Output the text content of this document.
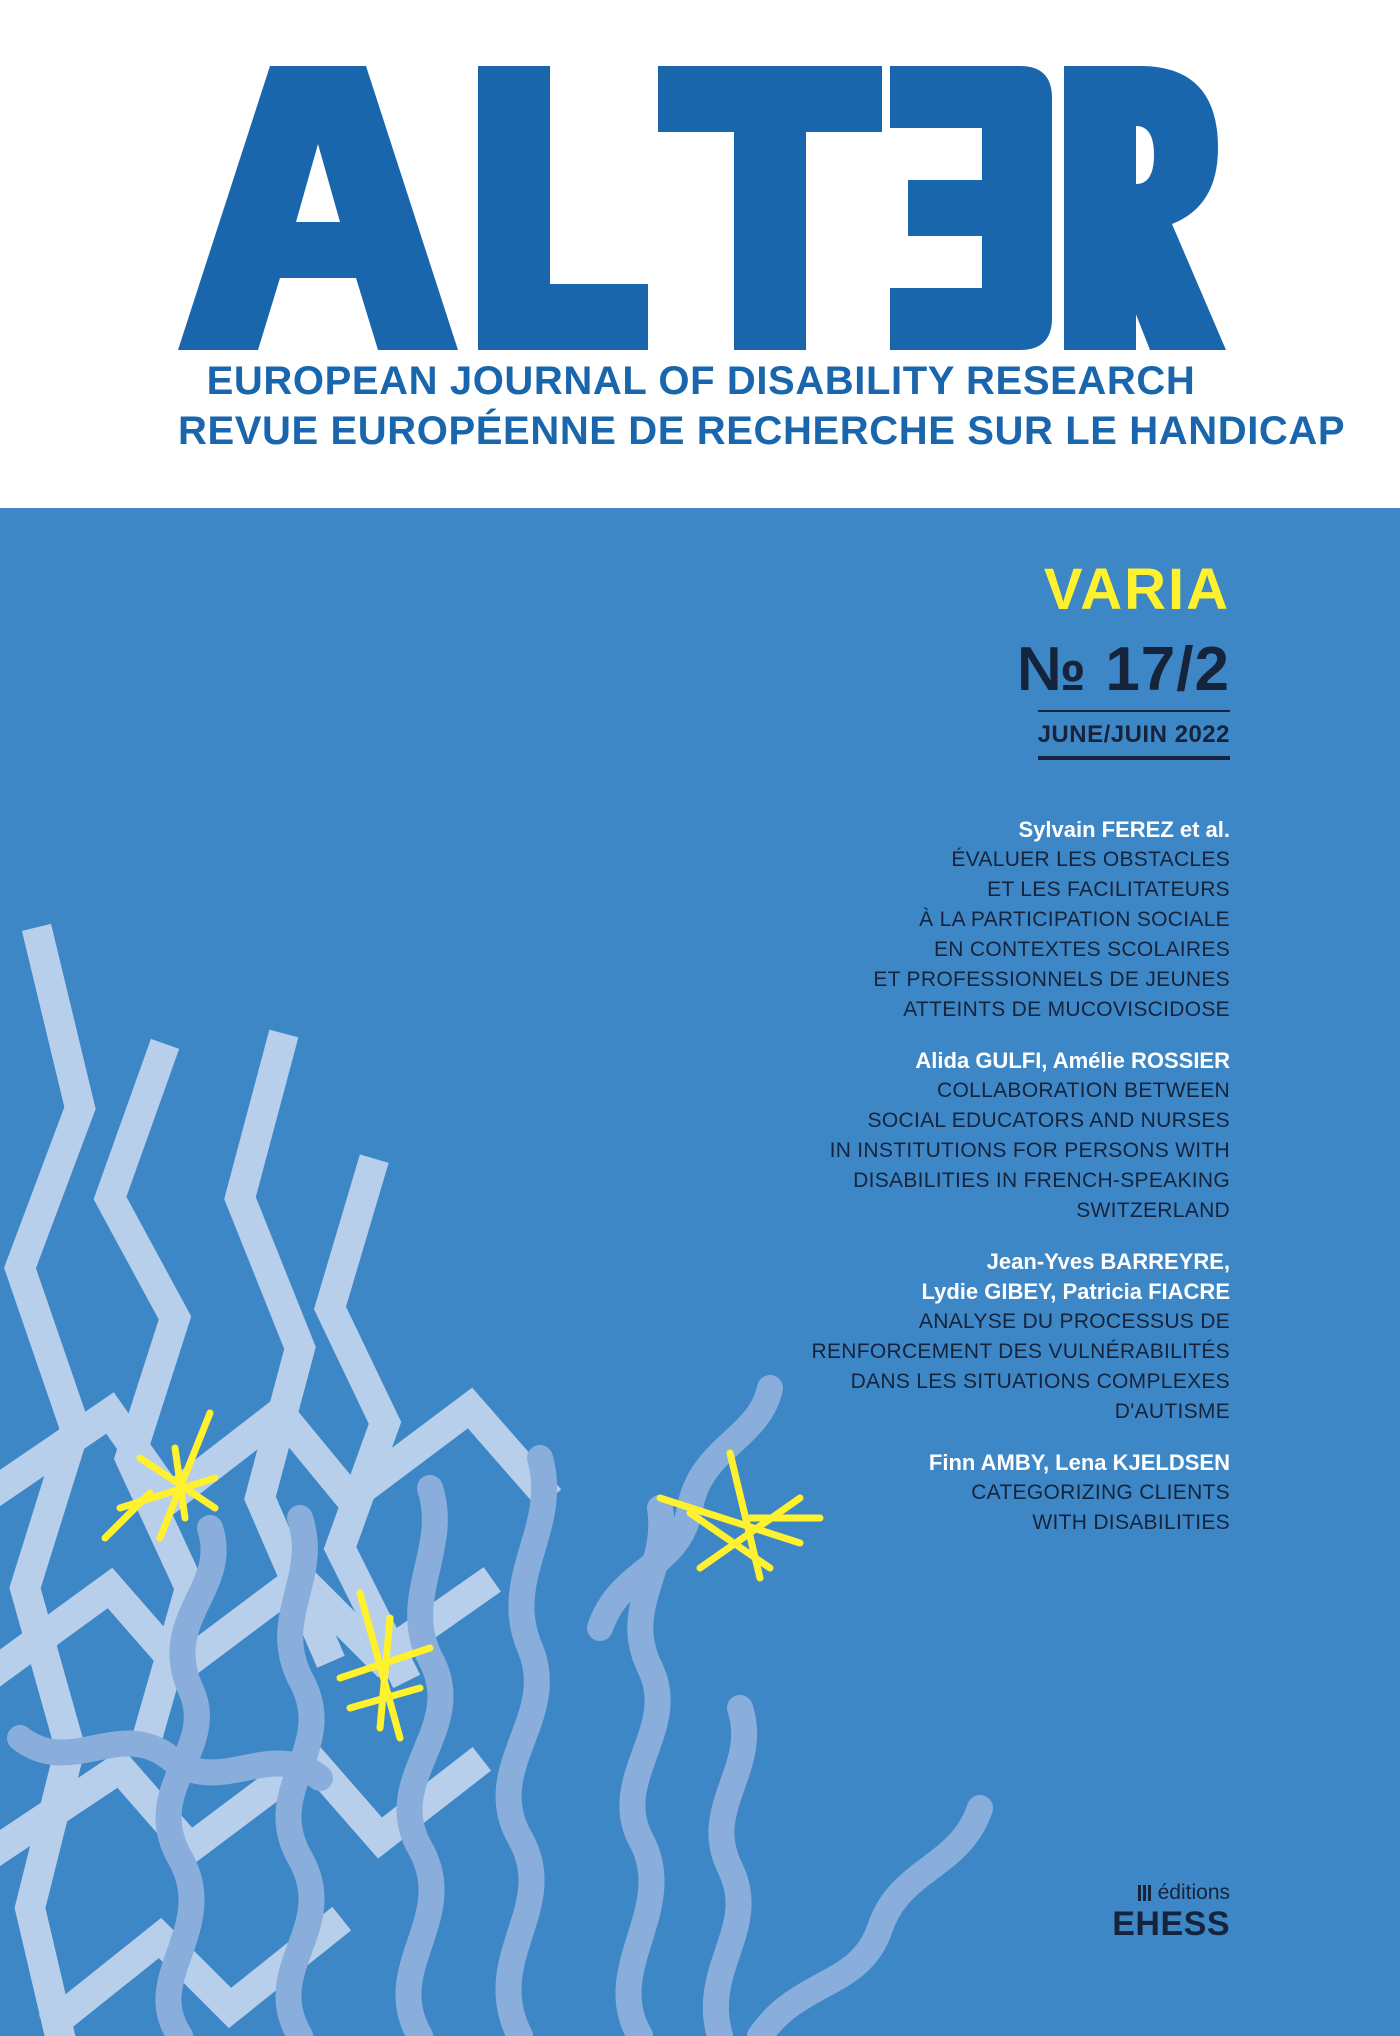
EUROPEAN JOURNAL OF DISABILITY RESEARCH
REVUE EUROPÉENNE DE RECHERCHE SUR LE HANDICAP
VARIA
№ 17/2
JUNE/JUIN 2022
Sylvain FEREZ et al.
ÉVALUER LES OBSTACLES
ET LES FACILITATEURS
À LA PARTICIPATION SOCIALE
EN CONTEXTES SCOLAIRES
ET PROFESSIONNELS DE JEUNES
ATTEINTS DE MUCOVISCIDOSE
Alida GULFI, Amélie ROSSIER
COLLABORATION BETWEEN
SOCIAL EDUCATORS AND NURSES
IN INSTITUTIONS FOR PERSONS WITH
DISABILITIES IN FRENCH-SPEAKING
SWITZERLAND
Jean-Yves BARREYRE,
Lydie GIBEY, Patricia FIACRE
ANALYSE DU PROCESSUS DE
RENFORCEMENT DES VULNÉRABILITÉS
DANS LES SITUATIONS COMPLEXES
D'AUTISME
Finn AMBY, Lena KJELDSEN
CATEGORIZING CLIENTS
WITH DISABILITIES
éditions
EHESS
